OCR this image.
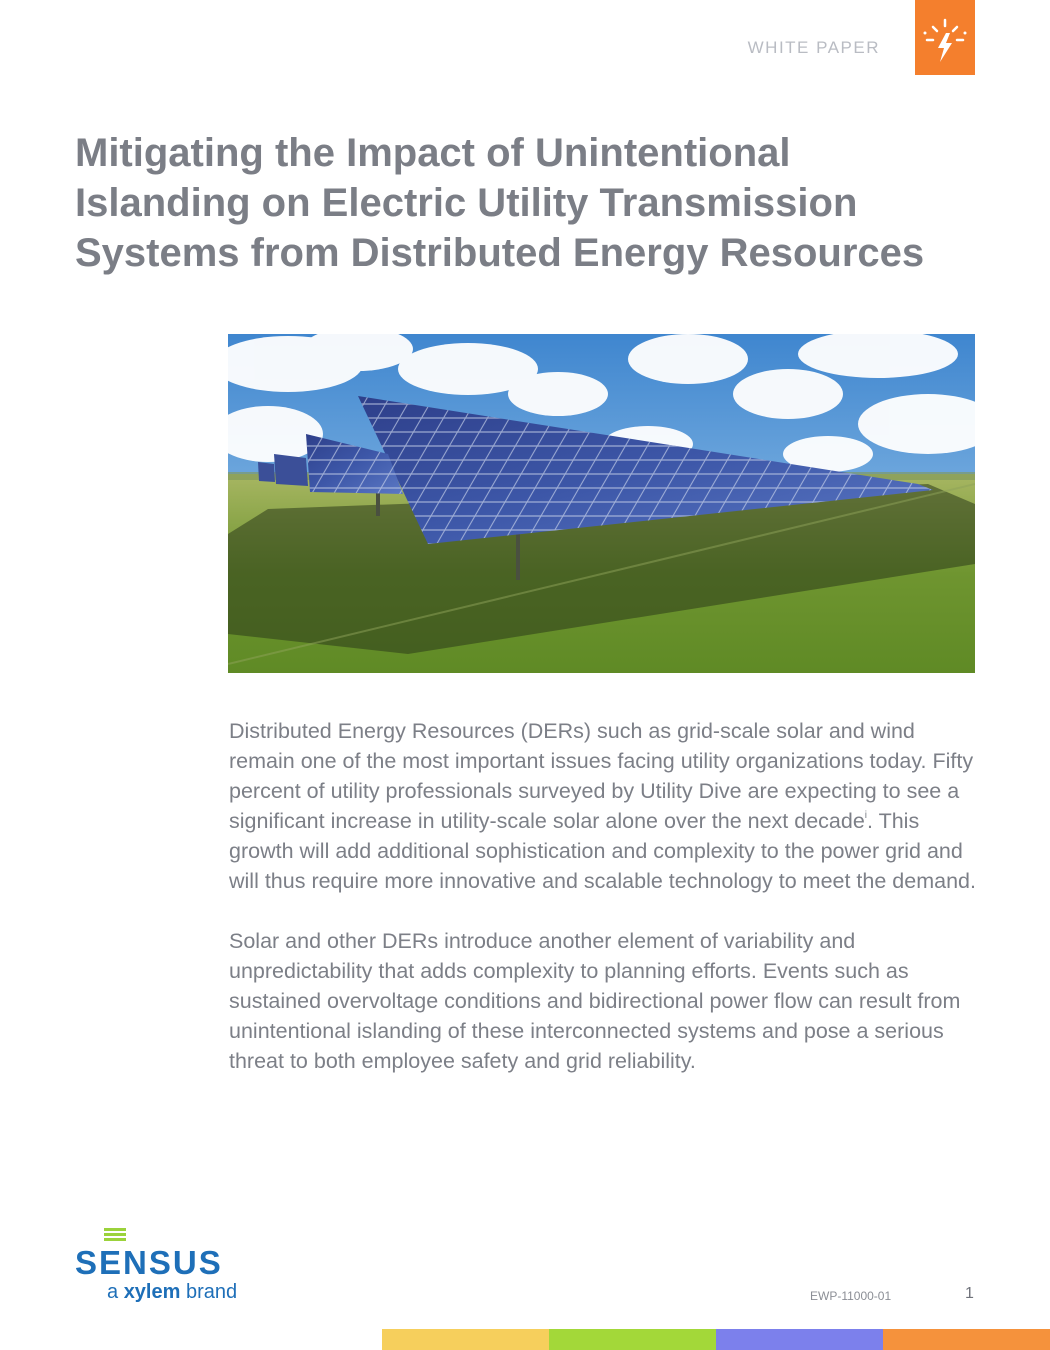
WHITE PAPER
Mitigating the Impact of Unintentional Islanding on Electric Utility Transmission Systems from Distributed Energy Resources

Distributed Energy Resources (DERs) such as grid-scale solar and wind remain one of the most important issues facing utility organizations today. Fifty percent of utility professionals surveyed by Utility Dive are expecting to see a significant increase in utility-scale solar alone over the next decade$^i$. This growth will add additional sophistication and complexity to the power grid and will thus require more innovative and scalable technology to meet the demand.

Solar and other DERs introduce another element of variability and unpredictability that adds complexity to planning efforts. Events such as sustained overvoltage conditions and bidirectional power flow can result from unintentional islanding of these interconnected systems and pose a serious threat to both employee safety and grid reliability.

SENSUS
a xylem brand	EWP-11000-01	1
